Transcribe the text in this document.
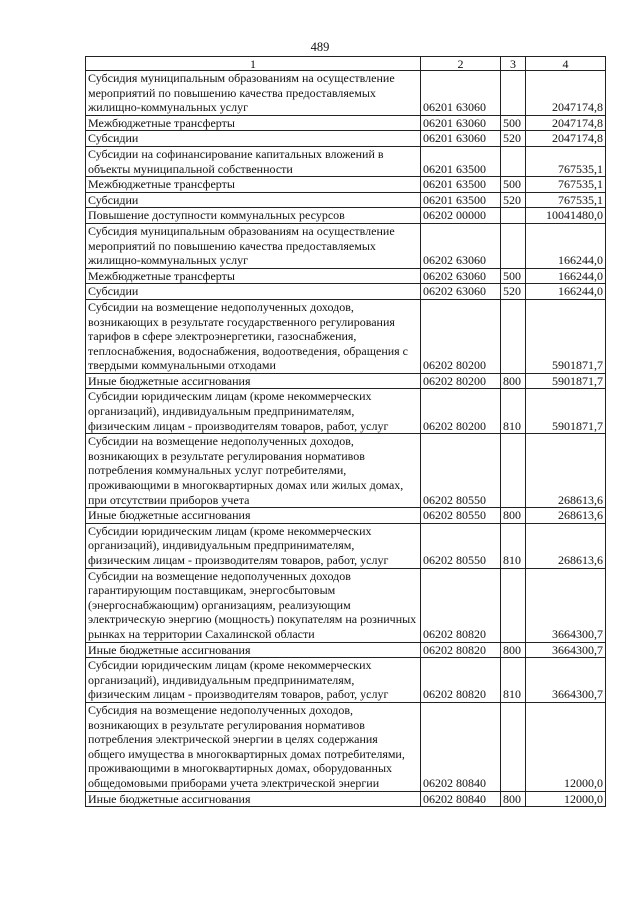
489
1	2	3	4
Субсидия муниципальным образованиям на осуществление мероприятий по повышению качества предоставляемых жилищно-коммунальных услуг	06201 63060		2047174,8
Межбюджетные трансферты	06201 63060	500	2047174,8
Субсидии	06201 63060	520	2047174,8
Субсидии на софинансирование капитальных вложений в объекты муниципальной собственности	06201 63500		767535,1
Межбюджетные трансферты	06201 63500	500	767535,1
Субсидии	06201 63500	520	767535,1
Повышение доступности коммунальных ресурсов	06202 00000		10041480,0
Субсидия муниципальным образованиям на осуществление мероприятий по повышению качества предоставляемых жилищно-коммунальных услуг	06202 63060		166244,0
Межбюджетные трансферты	06202 63060	500	166244,0
Субсидии	06202 63060	520	166244,0
Субсидии на возмещение недополученных доходов, возникающих в результате государственного регулирования тарифов в сфере электроэнергетики, газоснабжения, теплоснабжения, водоснабжения, водоотведения, обращения с твердыми коммунальными отходами	06202 80200		5901871,7
Иные бюджетные ассигнования	06202 80200	800	5901871,7
Субсидии юридическим лицам (кроме некоммерческих организаций), индивидуальным предпринимателям, физическим лицам - производителям товаров, работ, услуг	06202 80200	810	5901871,7
Субсидии на возмещение недополученных доходов, возникающих в результате регулирования нормативов потребления коммунальных услуг потребителями, проживающими в многоквартирных домах или жилых домах, при отсутствии приборов учета	06202 80550		268613,6
Иные бюджетные ассигнования	06202 80550	800	268613,6
Субсидии юридическим лицам (кроме некоммерческих организаций), индивидуальным предпринимателям, физическим лицам - производителям товаров, работ, услуг	06202 80550	810	268613,6
Субсидии на возмещение недополученных доходов гарантирующим поставщикам, энергосбытовым (энергоснабжающим) организациям, реализующим электрическую энергию (мощность) покупателям на розничных рынках на территории Сахалинской области	06202 80820		3664300,7
Иные бюджетные ассигнования	06202 80820	800	3664300,7
Субсидии юридическим лицам (кроме некоммерческих организаций), индивидуальным предпринимателям, физическим лицам - производителям товаров, работ, услуг	06202 80820	810	3664300,7
Субсидия на возмещение недополученных доходов, возникающих в результате регулирования нормативов потребления электрической энергии в целях содержания общего имущества в многоквартирных домах потребителями, проживающими в многоквартирных домах, оборудованных общедомовыми приборами учета электрической энергии	06202 80840		12000,0
Иные бюджетные ассигнования	06202 80840	800	12000,0
